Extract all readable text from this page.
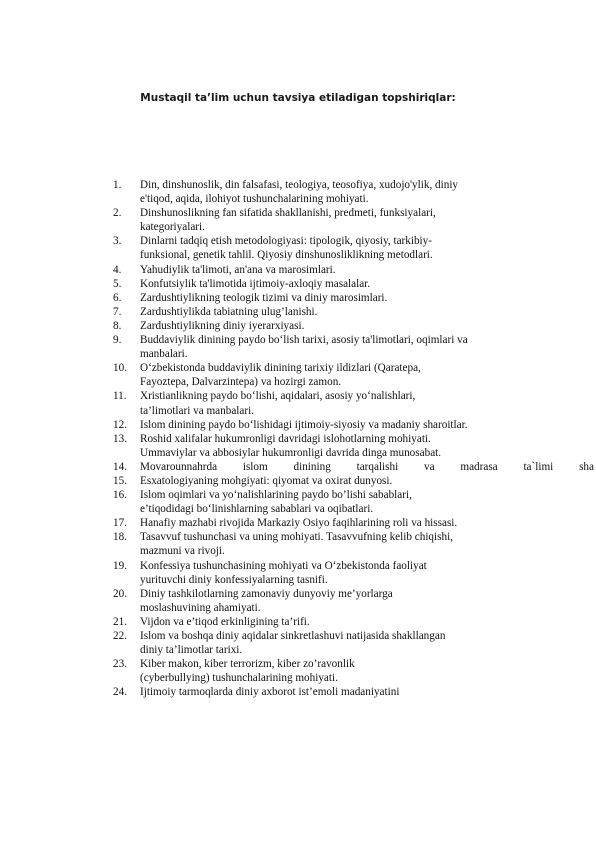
Mustaqil ta’lim uchun tavsiya etiladigan topshiriqlar:
1. Din, dinshunoslik, din falsafasi, teologiya, teosofiya, xudojo'ylik, diniy
e'tiqod, aqida, ilohiyot tushunchalarining mohiyati.
2. Dinshunoslikning fan sifatida shakllanishi, predmeti, funksiyalari,
kategoriyalari.
3. Dinlarni tadqiq etish metodologiyasi: tipologik, qiyosiy, tarkibiy-
funksional, genetik tahlil. Qiyosiy dinshunosliklikning metodlari.
4. Yahudiylik ta'limoti, an'ana va marosimlari.
5. Konfutsiylik ta'limotida ijtimoiy-axloqiy masalalar.
6. Zardushtiylikning teologik tizimi va diniy marosimlari.
7. Zardushtiylikda tabiatning ulug’lanishi.
8. Zardushtiylikning diniy iyerarxiyasi.
9. Buddaviylik dinining paydo bo‘lish tarixi, asosiy ta'limotlari, oqimlari va
manbalari.
10. O‘zbekistonda buddaviylik dinining tarixiy ildizlari (Qaratepa,
Fayoztepa, Dalvarzintepa) va hozirgi zamon.
11. Xristianlikning paydo bo‘lishi, aqidalari, asosiy yo‘nalishlari,
ta’limotlari va manbalari.
12. Islom dinining paydo bo‘lishidagi ijtimoiy-siyosiy va madaniy sharoitlar.
13. Roshid xalifalar hukumronligi davridagi islohotlarning mohiyati.
Ummaviylar va abbosiylar hukumronligi davrida dinga munosabat.
14. Movarounnahrda islom dinining tarqalishi va madrasa ta`limi sha
15. Esxatologiyaning mohgiyati: qiyomat va oxirat dunyosi.
16. Islom oqimlari va yo‘nalishlarining paydo bo’lishi sabablari,
e’tiqodidagi bo‘linishlarning sabablari va oqibatlari.
17. Hanafiy mazhabi rivojida Markaziy Osiyo faqihlarining roli va hissasi.
18. Tasavvuf tushunchasi va uning mohiyati. Tasavvufning kelib chiqishi,
mazmuni va rivoji.
19. Konfessiya tushunchasining mohiyati va O‘zbekistonda faoliyat
yurituvchi diniy konfessiyalarning tasnifi.
20. Diniy tashkilotlarning zamonaviy dunyoviy me’yorlarga
moslashuvining ahamiyati.
21. Vijdon va e’tiqod erkinligining ta’rifi.
22. Islom va boshqa diniy aqidalar sinkretlashuvi natijasida shakllangan
diniy ta’limotlar tarixi.
23. Kiber makon, kiber terrorizm, kiber zo’ravonlik
(cyberbullying) tushunchalarining mohiyati.
24. Ijtimoiy tarmoqlarda diniy axborot ist’emoli madaniyatini
